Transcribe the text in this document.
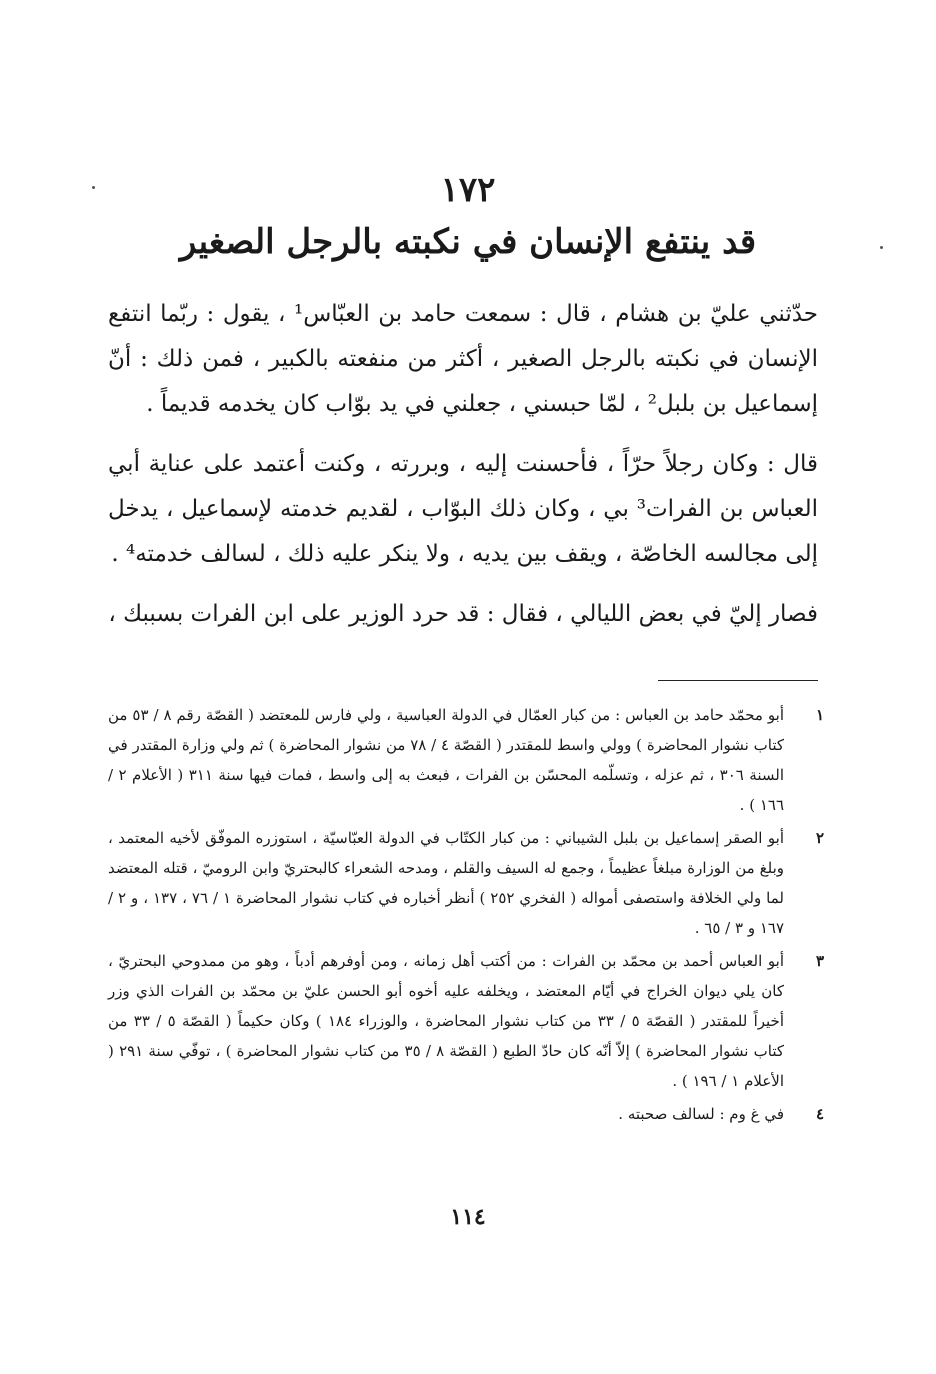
١٧٢
قد ينتفع الإنسان في نكبته بالرجل الصغير

حدّثني عليّ بن هشام ، قال : سمعت حامد بن العبّاس¹ ، يقول : ربّما انتفع الإنسان في نكبته بالرجل الصغير ، أكثر من منفعته بالكبير ، فمن ذلك : أنّ إسماعيل بن بلبل² ، لمّا حبسني ، جعلني في يد بوّاب كان يخدمه قديماً .

قال : وكان رجلاً حرّاً ، فأحسنت إليه ، وبررته ، وكنت أعتمد على عناية أبي العباس بن الفرات³ بي ، وكان ذلك البوّاب ، لقديم خدمته لإسماعيل ، يدخل إلى مجالسه الخاصّة ، ويقف بين يديه ، ولا ينكر عليه ذلك ، لسالف خدمته⁴ .

فصار إليّ في بعض الليالي ، فقال : قد حرد الوزير على ابن الفرات بسببك ،

١
أبو محمّد حامد بن العباس : من كبار العمّال في الدولة العباسية ، ولي فارس للمعتضد ( القصّة رقم ٨ / ٥٣ من كتاب نشوار المحاضرة ) وولي واسط للمقتدر ( القصّة ٤ / ٧٨ من نشوار المحاضرة ) ثم ولي وزارة المقتدر في السنة ٣٠٦ ، ثم عزله ، وتسلّمه المحسّن بن الفرات ، فبعث به إلى واسط ، فمات فيها سنة ٣١١ ( الأعلام ٢ / ١٦٦ ) .
٢
أبو الصقر إسماعيل بن بلبل الشيباني : من كبار الكتّاب في الدولة العبّاسيّة ، استوزره الموفّق لأخيه المعتمد ، وبلغ من الوزارة مبلغاً عظيماً ، وجمع له السيف والقلم ، ومدحه الشعراء كالبحتريّ وابن الروميّ ، قتله المعتضد لما ولي الخلافة واستصفى أمواله ( الفخري ٢٥٢ ) أنظر أخباره في كتاب نشوار المحاضرة ١ / ٧٦ ، ١٣٧ ، و ٢ / ١٦٧ و ٣ / ٦٥ .
٣
أبو العباس أحمد بن محمّد بن الفرات : من أكتب أهل زمانه ، ومن أوفرهم أدباً ، وهو من ممدوحي البحتريّ ، كان يلي ديوان الخراج في أيّام المعتضد ، ويخلفه عليه أخوه أبو الحسن عليّ بن محمّد بن الفرات الذي وزر أخيراً للمقتدر ( القصّة ٥ / ٣٣ من كتاب نشوار المحاضرة ، والوزراء ١٨٤ ) وكان حكيماً ( القصّة ٥ / ٣٣ من كتاب نشوار المحاضرة ) إلاّ أنّه كان حادّ الطبع ( القصّة ٨ / ٣٥ من كتاب نشوار المحاضرة ) ، توفّي سنة ٢٩١ ( الأعلام ١ / ١٩٦ ) .
٤
في غ وم : لسالف صحبته .
١١٤
